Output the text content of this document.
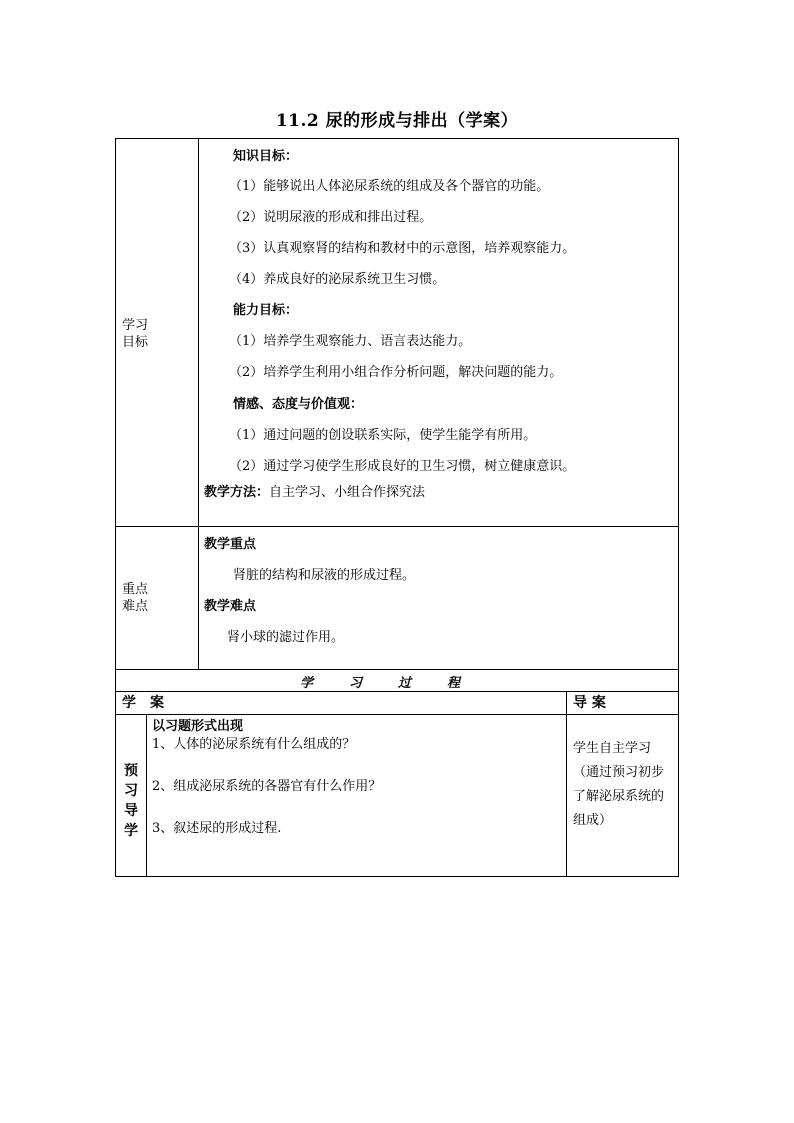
11.2 尿的形成与排出（学案）
学习
目标
知识目标：
（1）能够说出人体泌尿系统的组成及各个器官的功能。
（2）说明尿液的形成和排出过程。
（3）认真观察肾的结构和教材中的示意图，培养观察能力。
（4）养成良好的泌尿系统卫生习惯。
能力目标：
（1）培养学生观察能力、语言表达能力。
（2）培养学生利用小组合作分析问题，解决问题的能力。
情感、态度与价值观：
（1）通过问题的创设联系实际，使学生能学有所用。
（2）通过学习使学生形成良好的卫生习惯，树立健康意识。
教学方法：自主学习、小组合作探究法
重点
难点
教学重点
肾脏的结构和尿液的形成过程。
教学难点
肾小球的滤过作用。
学习过程
学　案	导 案
预
习
导
学
以习题形式出现
1、人体的泌尿系统有什么组成的？
2、组成泌尿系统的各器官有什么作用？
3、叙述尿的形成过程.
学生自主学习（通过预习初步了解泌尿系统的组成）
